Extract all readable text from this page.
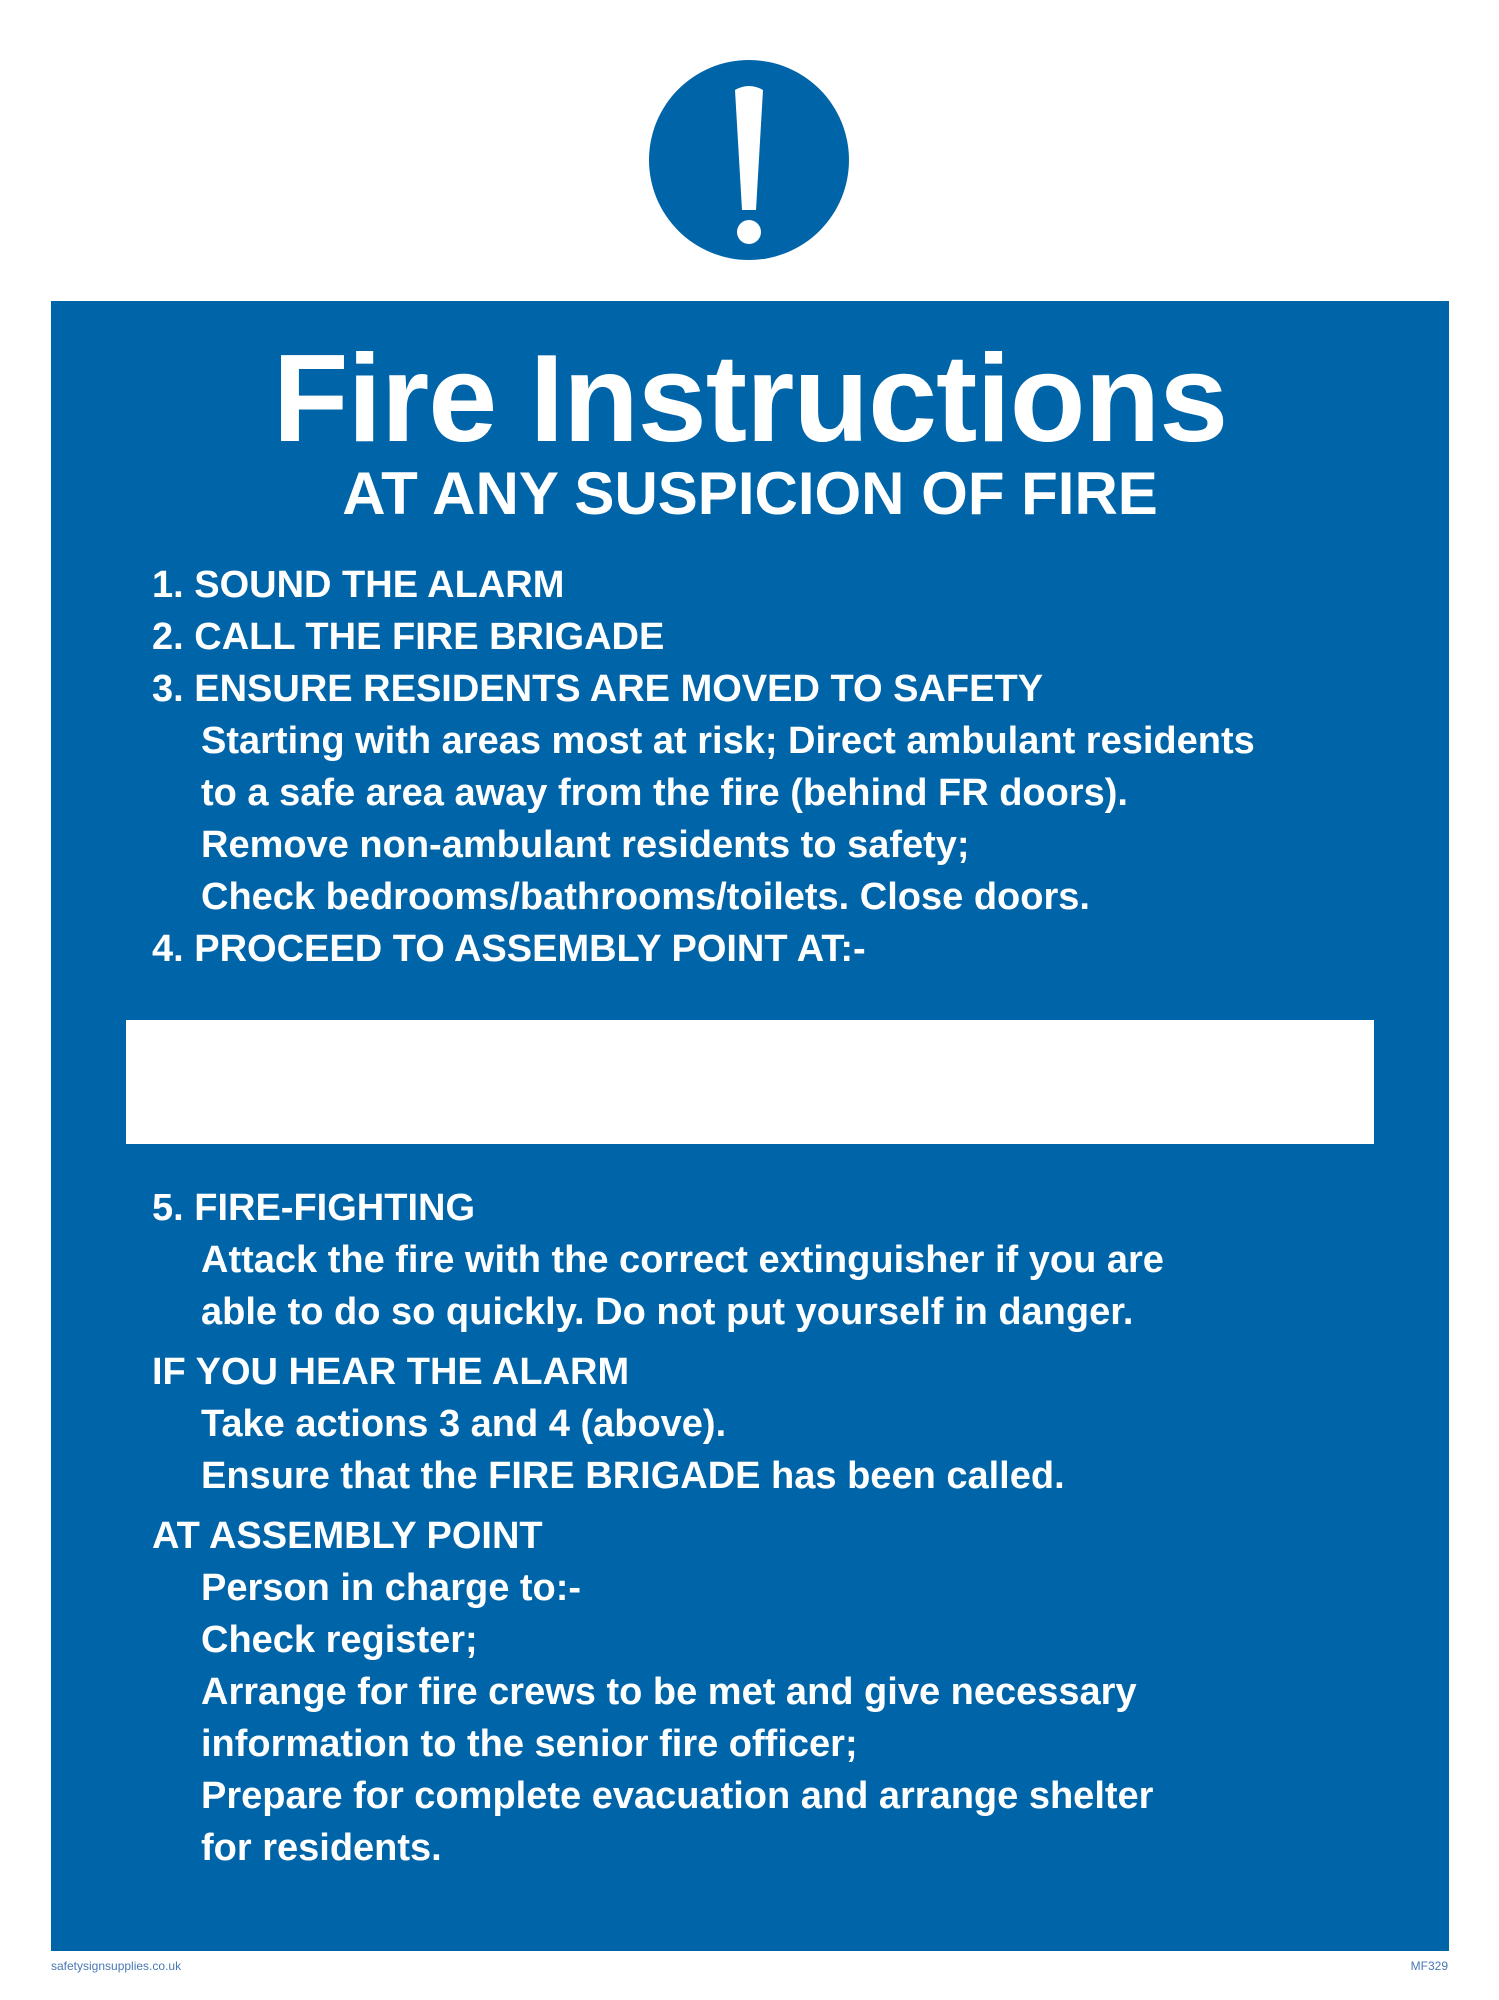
Fire Instructions
AT ANY SUSPICION OF FIRE
1. SOUND THE ALARM
2. CALL THE FIRE BRIGADE
3. ENSURE RESIDENTS ARE MOVED TO SAFETY
Starting with areas most at risk; Direct ambulant residents
to a safe area away from the fire (behind FR doors).
Remove non-ambulant residents to safety;
Check bedrooms/bathrooms/toilets. Close doors.
4. PROCEED TO ASSEMBLY POINT AT:-
5. FIRE-FIGHTING
Attack the fire with the correct extinguisher if you are
able to do so quickly. Do not put yourself in danger.
IF YOU HEAR THE ALARM
Take actions 3 and 4 (above).
Ensure that the FIRE BRIGADE has been called.
AT ASSEMBLY POINT
Person in charge to:-
Check register;
Arrange for fire crews to be met and give necessary
information to the senior fire officer;
Prepare for complete evacuation and arrange shelter
for residents.
safetysignsupplies.co.uk	MF329
